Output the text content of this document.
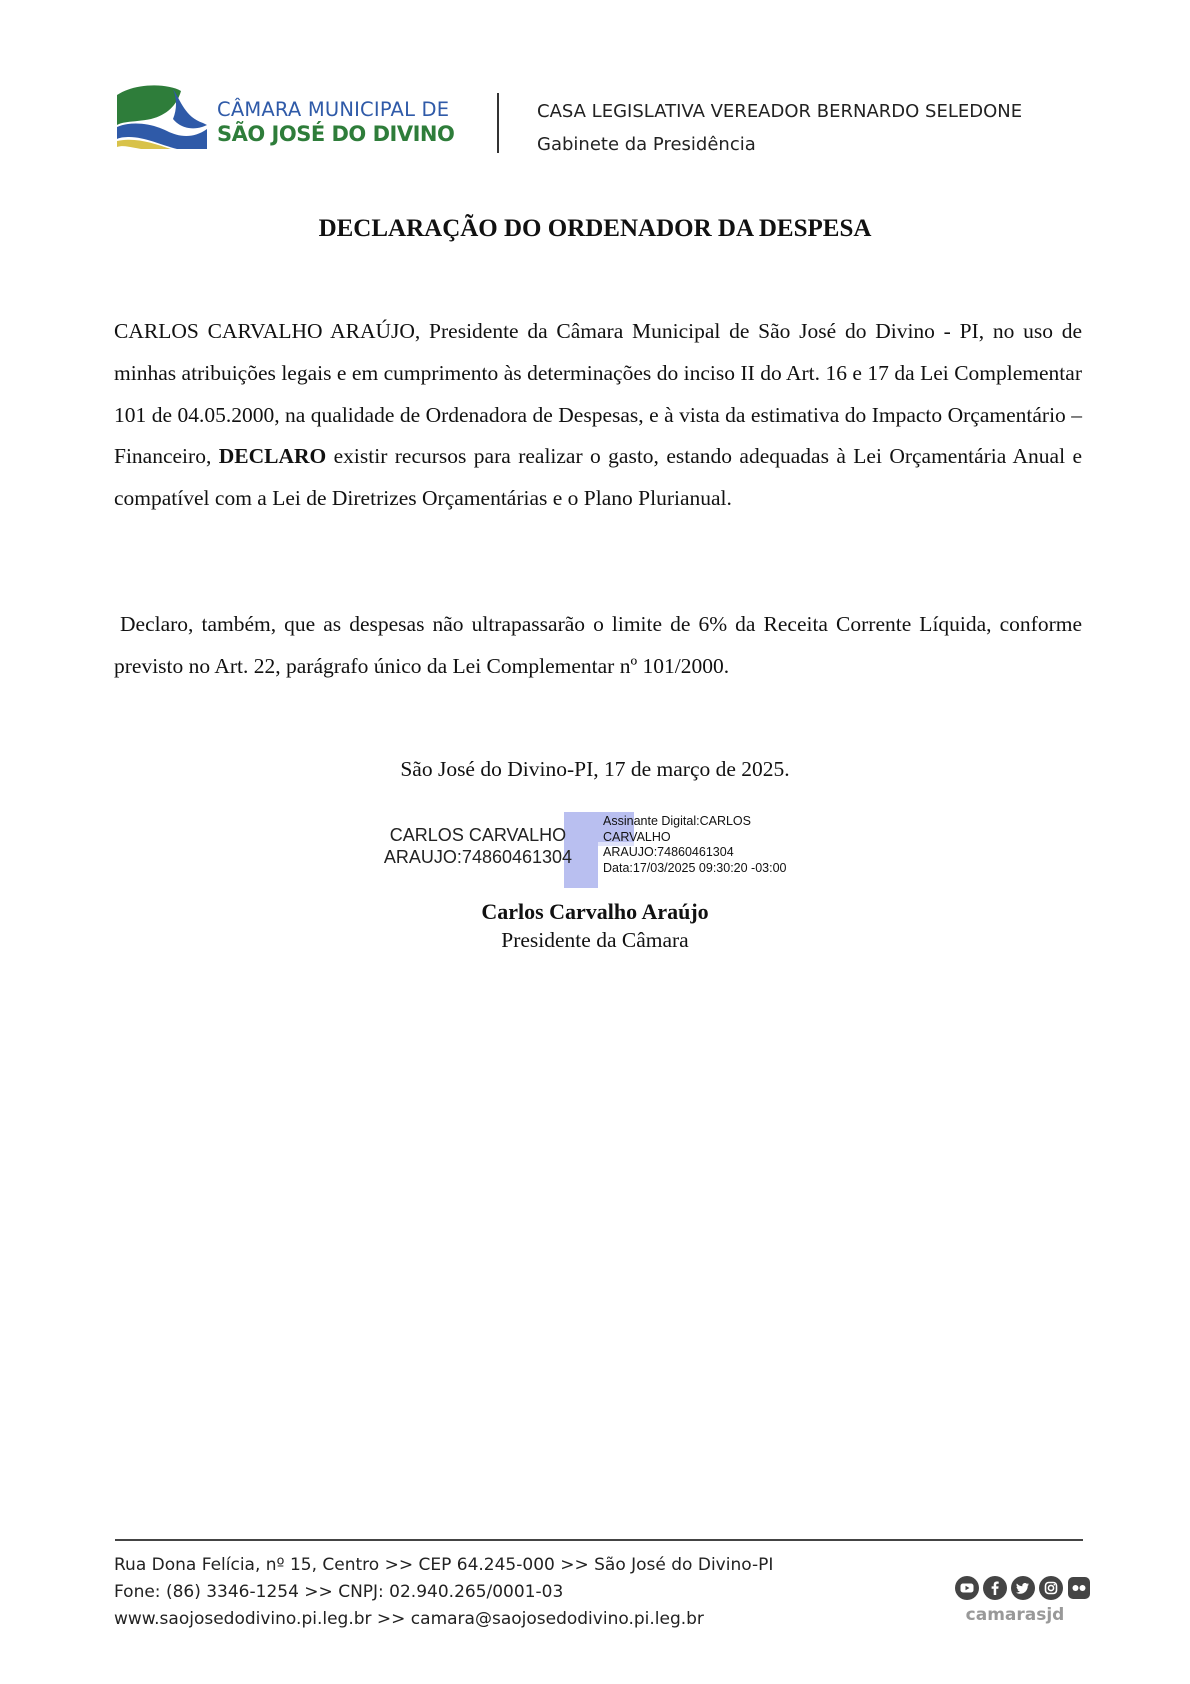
CÂMARA MUNICIPAL DE
SÃO JOSÉ DO DIVINO
CASA LEGISLATIVA VEREADOR BERNARDO SELEDONE
Gabinete da Presidência
DECLARAÇÃO DO ORDENADOR DA DESPESA
CARLOS CARVALHO ARAÚJO, Presidente da Câmara Municipal de São José do Divino - PI, no uso de minhas atribuições legais e em cumprimento às determinações do inciso II do Art. 16 e 17 da Lei Complementar 101 de 04.05.2000, na qualidade de Ordenadora de Despesas, e à vista da estimativa do Impacto Orçamentário – Financeiro, DECLARO existir recursos para realizar o gasto, estando adequadas à Lei Orçamentária Anual e compatível com a Lei de Diretrizes Orçamentárias e o Plano Plurianual.
Declaro, também, que as despesas não ultrapassarão o limite de 6% da Receita Corrente Líquida, conforme previsto no Art. 22, parágrafo único da Lei Complementar nº 101/2000.
São José do Divino-PI, 17 de março de 2025.
CARLOS CARVALHO
ARAUJO:74860461304
Assinante Digital:CARLOS
CARVALHO
ARAUJO:74860461304
Data:17/03/2025 09:30:20 -03:00
Carlos Carvalho Araújo
Presidente da Câmara
Rua Dona Felícia, nº 15, Centro >> CEP 64.245-000 >> São José do Divino-PI
Fone: (86) 3346-1254 >> CNPJ: 02.940.265/0001-03
www.saojosedodivino.pi.leg.br >> camara@saojosedodivino.pi.leg.br	camarasjd
